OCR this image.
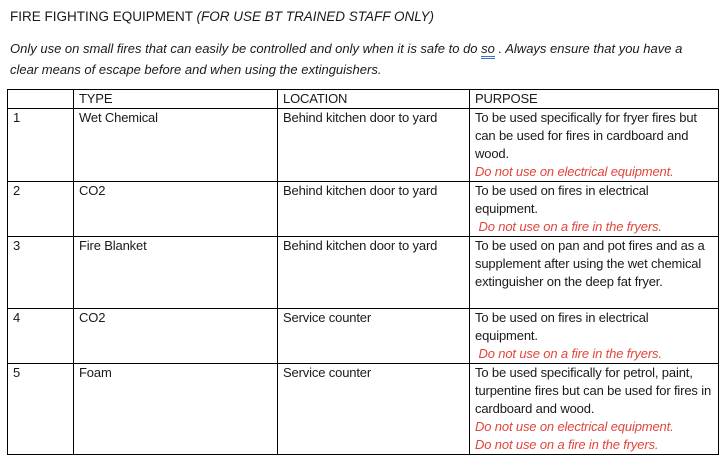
FIRE FIGHTING EQUIPMENT (FOR USE BT TRAINED STAFF ONLY)

Only use on small fires that can easily be controlled and only when it is safe to do so . Always ensure that you have a clear means of escape before and when using the extinguishers.

	TYPE	LOCATION	PURPOSE
1	Wet Chemical	Behind kitchen door to yard	To be used specifically for fryer fires but can be used for fires in cardboard and wood.
Do not use on electrical equipment.

2	CO2	Behind kitchen door to yard	To be used on fires in electrical equipment.
Do not use on a fire in the fryers.

3	Fire Blanket	Behind kitchen door to yard	To be used on pan and pot fires and as a supplement after using the wet chemical extinguisher on the deep fat fryer.

4	CO2	Service counter	To be used on fires in electrical equipment.
Do not use on a fire in the fryers.

5	Foam	Service counter	To be used specifically for petrol, paint, turpentine fires but can be used for fires in cardboard and wood.
Do not use on electrical equipment.
Do not use on a fire in the fryers.
